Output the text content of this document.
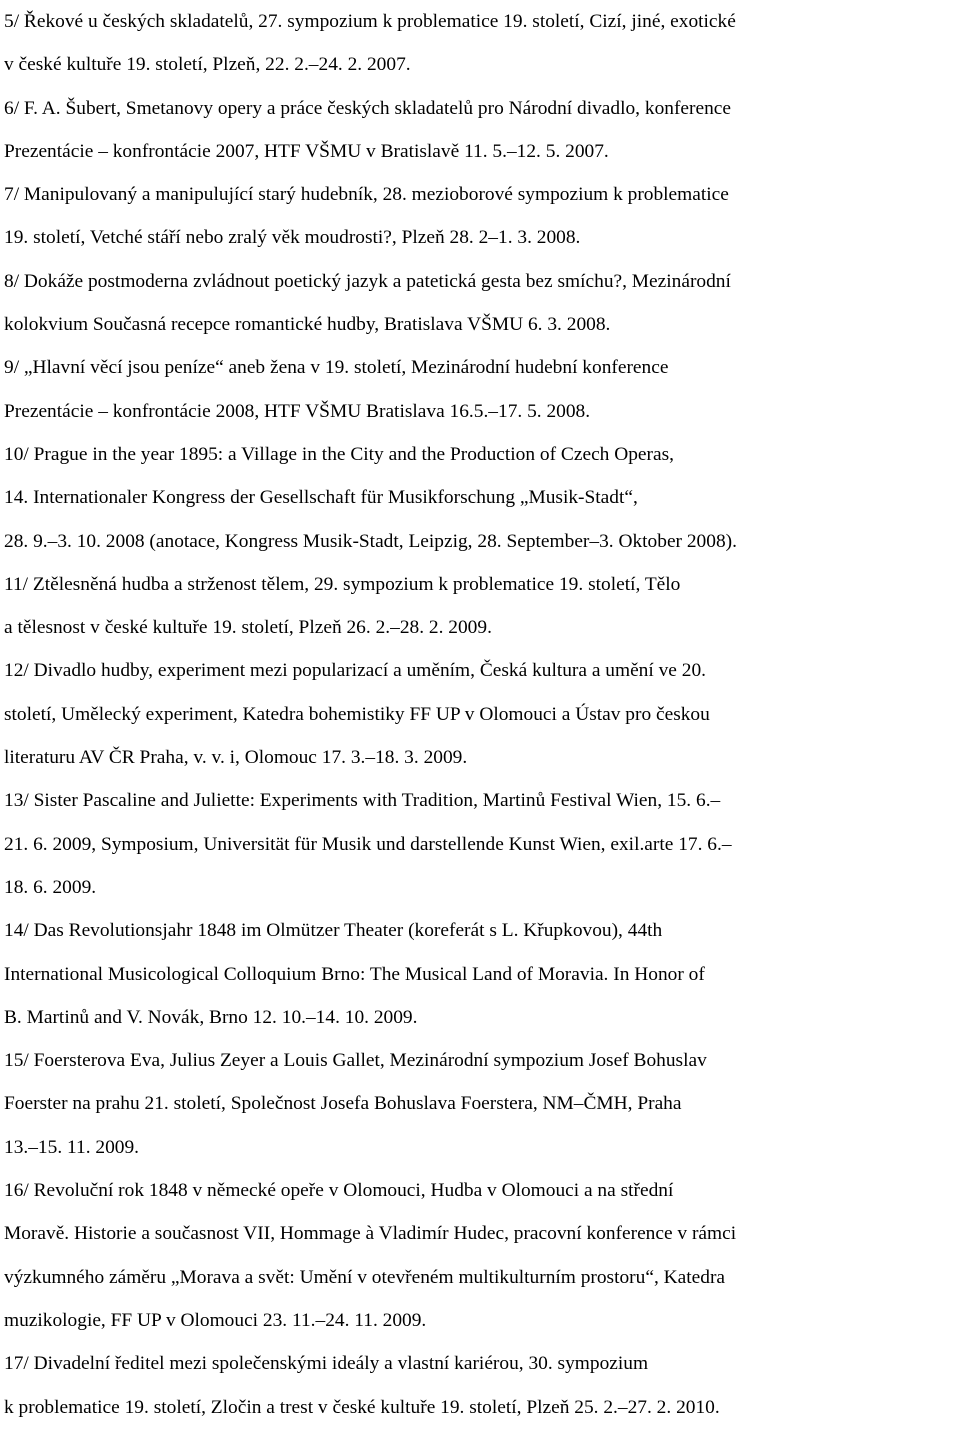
5/ Řekové u českých skladatelů, 27. sympozium k problematice 19. století, Cizí, jiné, exotické
v české kultuře 19. století, Plzeň, 22. 2.–24. 2. 2007.
6/ F. A. Šubert, Smetanovy opery a práce českých skladatelů pro Národní divadlo, konference
Prezentácie – konfrontácie 2007, HTF VŠMU v Bratislavě 11. 5.–12. 5. 2007.
7/ Manipulovaný a manipulující starý hudebník, 28. mezioborové sympozium k problematice
19. století, Vetché stáří nebo zralý věk moudrosti?, Plzeň 28. 2–1. 3. 2008.
8/ Dokáže postmoderna zvládnout poetický jazyk a patetická gesta bez smíchu?, Mezinárodní
kolokvium Současná recepce romantické hudby, Bratislava VŠMU 6. 3. 2008.
9/ „Hlavní věcí jsou peníze“ aneb žena v 19. století, Mezinárodní hudební konference
Prezentácie – konfrontácie 2008, HTF VŠMU Bratislava 16.5.–17. 5. 2008.
10/ Prague in the year 1895: a Village in the City and the Production of Czech Operas,
14. Internationaler Kongress der Gesellschaft für Musikforschung „Musik-Stadt“,
28. 9.–3. 10. 2008 (anotace, Kongress Musik-Stadt, Leipzig, 28. September–3. Oktober 2008).
11/ Ztělesněná hudba a strženost tělem, 29. sympozium k problematice 19. století, Tělo
a tělesnost v české kultuře 19. století, Plzeň 26. 2.–28. 2. 2009.
12/ Divadlo hudby, experiment mezi popularizací a uměním, Česká kultura a umění ve 20.
století, Umělecký experiment, Katedra bohemistiky FF UP v Olomouci a Ústav pro českou
literaturu AV ČR Praha, v. v. i, Olomouc 17. 3.–18. 3. 2009.
13/ Sister Pascaline and Juliette: Experiments with Tradition, Martinů Festival Wien, 15. 6.–
21. 6. 2009, Symposium, Universität für Musik und darstellende Kunst Wien, exil.arte 17. 6.–
18. 6. 2009.
14/ Das Revolutionsjahr 1848 im Olmützer Theater (koreferát s L. Křupkovou), 44th
International Musicological Colloquium Brno: The Musical Land of Moravia. In Honor of
B. Martinů and V. Novák, Brno 12. 10.–14. 10. 2009.
15/ Foersterova Eva, Julius Zeyer a Louis Gallet, Mezinárodní sympozium Josef Bohuslav
Foerster na prahu 21. století, Společnost Josefa Bohuslava Foerstera, NM–ČMH, Praha
13.–15. 11. 2009.
16/ Revoluční rok 1848 v německé opeře v Olomouci, Hudba v Olomouci a na střední
Moravě. Historie a současnost VII, Hommage à Vladimír Hudec, pracovní konference v rámci
výzkumného záměru „Morava a svět: Umění v otevřeném multikulturním prostoru“, Katedra
muzikologie, FF UP v Olomouci 23. 11.–24. 11. 2009.
17/ Divadelní ředitel mezi společenskými ideály a vlastní kariérou, 30. sympozium
k problematice 19. století, Zločin a trest v české kultuře 19. století, Plzeň 25. 2.–27. 2. 2010.
